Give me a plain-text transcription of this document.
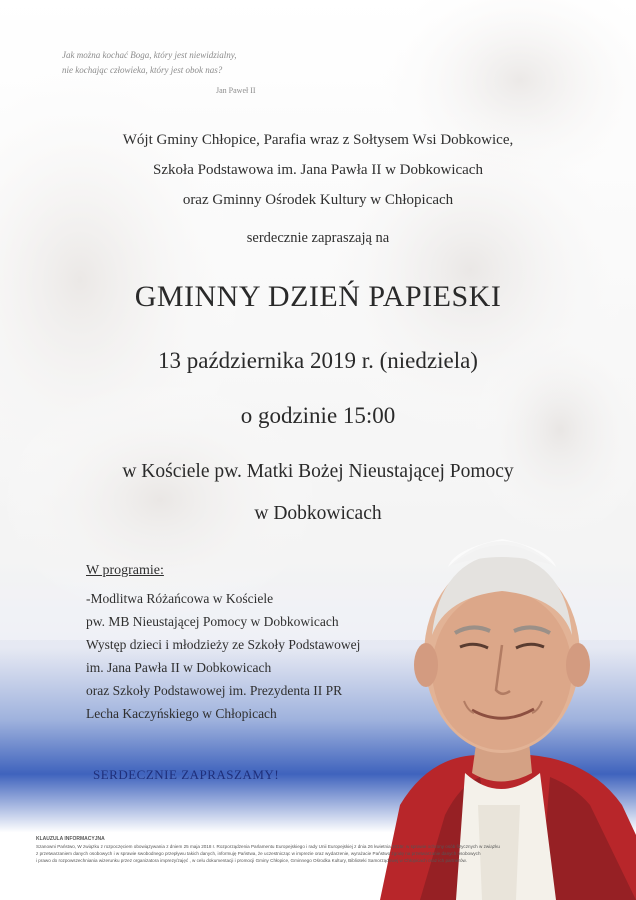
Jak można kochać Boga, który jest niewidzialny,
nie kochając człowieka, który jest obok nas?
Jan Paweł II
Wójt Gminy Chłopice, Parafia wraz z Sołtysem Wsi Dobkowice,
Szkoła Podstawowa im. Jana Pawła II w Dobkowicach
oraz Gminny Ośrodek Kultury w Chłopicach
serdecznie zapraszają na
GMINNY DZIEŃ PAPIESKI
13 października 2019 r. (niedziela)
o godzinie 15:00
w Kościele pw. Matki Bożej Nieustającej Pomocy
w Dobkowicach
W programie:
-Modlitwa Różańcowa w Kościele
pw. MB Nieustającej Pomocy w Dobkowicach
Występ dzieci i młodzieży ze Szkoły Podstawowej
im. Jana Pawła II w Dobkowicach
oraz Szkoły Podstawowej im. Prezydenta II PR
Lecha Kaczyńskiego w Chłopicach
SERDECZNIE ZAPRASZAMY!
KLAUZULA INFORMACYJNA
Szanowni Państwo, W związku z rozpoczęciem obowiązywania z dniem 25 maja 2018 r. Rozporządzenia Parlamentu Europejskiego i rady Unii Europejskiej z dnia 26 kwietnia 2016r. w sprawie ochrony osób fizycznych w związku
z przetwarzaniem danych osobowych i w sprawie swobodnego przepływu takich danych, informuję Państwa, że uczestnicząc w imprezie oraz wydarzenie, wyrażacie Państwo zgodę na przetwarzanie danych osobowych
i prawo do rozpowszechniania wizerunku przez organizatora imprezy/zajęć , w celu dokumentacji i promocji Gminy Chłopice, Gminnego Ośrodka Kultury, Biblioteki Samorządowej w Chłopicach oraz ich partnerów.
